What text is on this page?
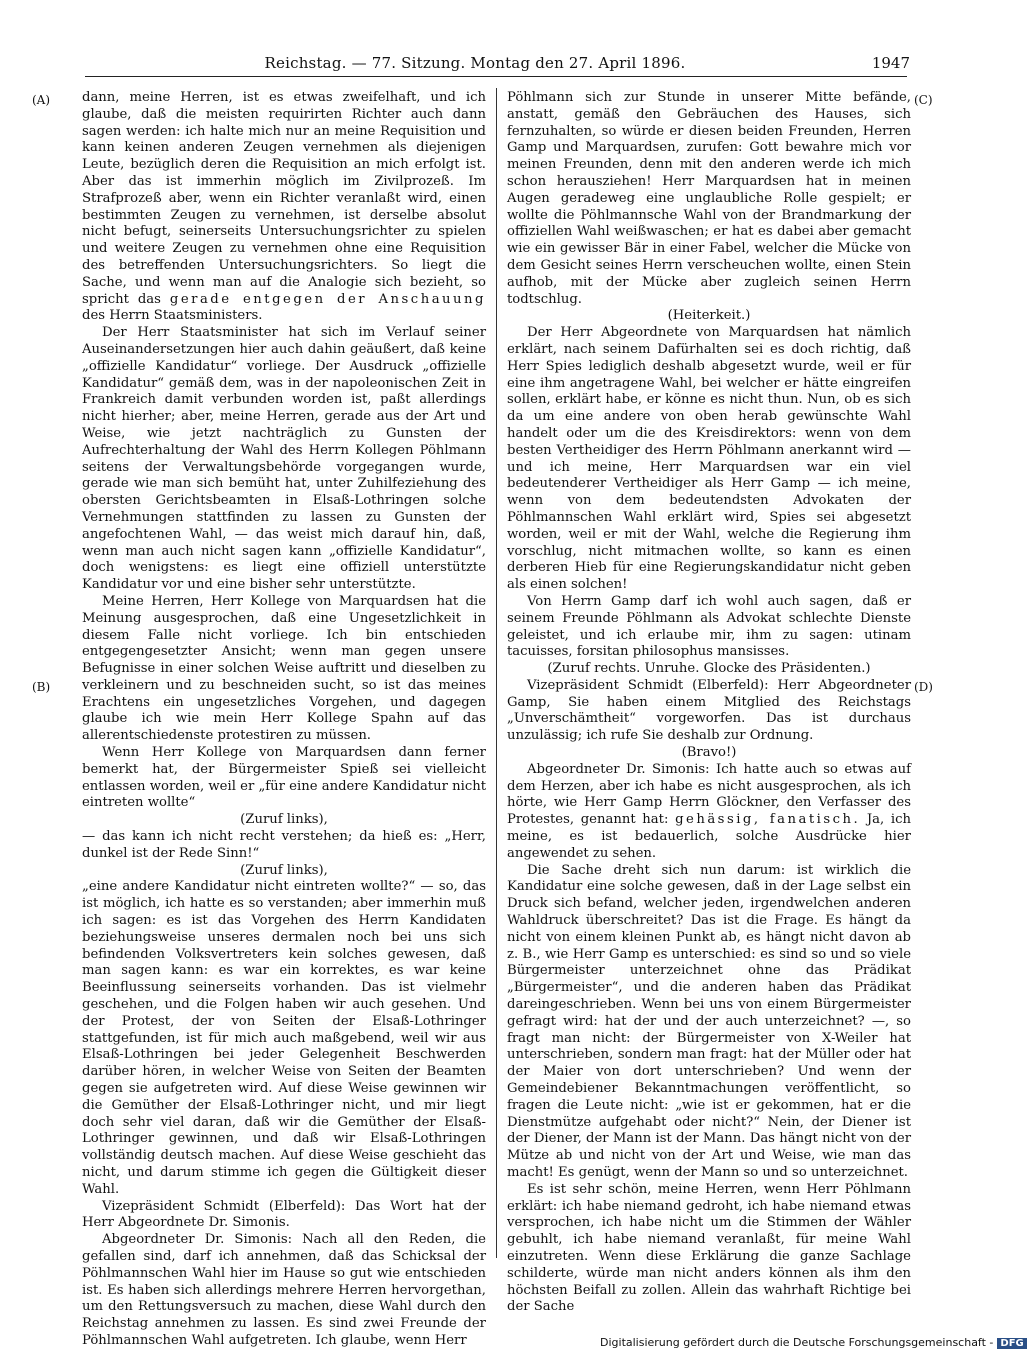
Reichstag. — 77. Sitzung. Montag den 27. April 1896.	1947
(A)
(B)
(C)
(D)

dann, meine Herren, ist es etwas zweifelhaft, und ich glaube, daß die meisten requirirten Richter auch dann sagen werden: ich halte mich nur an meine Requisition und kann keinen anderen Zeugen vernehmen als diejenigen Leute, bezüglich deren die Requisition an mich erfolgt ist. Aber das ist immerhin möglich im Zivilprozeß. Im Strafprozeß aber, wenn ein Richter veranlaßt wird, einen bestimmten Zeugen zu vernehmen, ist derselbe absolut nicht befugt, seinerseits Untersuchungsrichter zu spielen und weitere Zeugen zu vernehmen ohne eine Requisition des betreffenden Untersuchungsrichters. So liegt die Sache, und wenn man auf die Analogie sich bezieht, so spricht das gerade entgegen der Anschauung des Herrn Staatsministers.

Der Herr Staatsminister hat sich im Verlauf seiner Auseinandersetzungen hier auch dahin geäußert, daß keine „offizielle Kandidatur“ vorliege. Der Ausdruck „offizielle Kandidatur“ gemäß dem, was in der napoleonischen Zeit in Frankreich damit verbunden worden ist, paßt allerdings nicht hierher; aber, meine Herren, gerade aus der Art und Weise, wie jetzt nachträglich zu Gunsten der Aufrechterhaltung der Wahl des Herrn Kollegen Pöhlmann seitens der Verwaltungsbehörde vorgegangen wurde, gerade wie man sich bemüht hat, unter Zuhilfeziehung des obersten Gerichtsbeamten in Elsaß-Lothringen solche Vernehmungen stattfinden zu lassen zu Gunsten der angefochtenen Wahl, — das weist mich darauf hin, daß, wenn man auch nicht sagen kann „offizielle Kandidatur“, doch wenigstens: es liegt eine offiziell unterstützte Kandidatur vor und eine bisher sehr unterstützte.

Meine Herren, Herr Kollege von Marquardsen hat die Meinung ausgesprochen, daß eine Ungesetzlichkeit in diesem Falle nicht vorliege. Ich bin entschieden entgegengesetzter Ansicht; wenn man gegen unsere Befugnisse in einer solchen Weise auftritt und dieselben zu verkleinern und zu beschneiden sucht, so ist das meines Erachtens ein ungesetzliches Vorgehen, und dagegen glaube ich wie mein Herr Kollege Spahn auf das allerentschiedenste protestiren zu müssen.

Wenn Herr Kollege von Marquardsen dann ferner bemerkt hat, der Bürgermeister Spieß sei vielleicht entlassen worden, weil er „für eine andere Kandidatur nicht eintreten wollte“

(Zuruf links),

— das kann ich nicht recht verstehen; da hieß es: „Herr, dunkel ist der Rede Sinn!“

(Zuruf links),

„eine andere Kandidatur nicht eintreten wollte?“ — so, das ist möglich, ich hatte es so verstanden; aber immerhin muß ich sagen: es ist das Vorgehen des Herrn Kandidaten beziehungsweise unseres dermalen noch bei uns sich befindenden Volksvertreters kein solches gewesen, daß man sagen kann: es war ein korrektes, es war keine Beeinflussung seinerseits vorhanden. Das ist vielmehr geschehen, und die Folgen haben wir auch gesehen. Und der Protest, der von Seiten der Elsaß-Lothringer stattgefunden, ist für mich auch maßgebend, weil wir aus Elsaß-Lothringen bei jeder Gelegenheit Beschwerden darüber hören, in welcher Weise von Seiten der Beamten gegen sie aufgetreten wird. Auf diese Weise gewinnen wir die Gemüther der Elsaß-Lothringer nicht, und mir liegt doch sehr viel daran, daß wir die Gemüther der Elsaß-Lothringer gewinnen, und daß wir Elsaß-Lothringen vollständig deutsch machen. Auf diese Weise geschieht das nicht, und darum stimme ich gegen die Gültigkeit dieser Wahl.

Vizepräsident Schmidt (Elberfeld): Das Wort hat der Herr Abgeordnete Dr. Simonis.

Abgeordneter Dr. Simonis: Nach all den Reden, die gefallen sind, darf ich annehmen, daß das Schicksal der Pöhlmannschen Wahl hier im Hause so gut wie entschieden ist. Es haben sich allerdings mehrere Herren hervorgethan, um den Rettungsversuch zu machen, diese Wahl durch den Reichstag annehmen zu lassen. Es sind zwei Freunde der Pöhlmannschen Wahl aufgetreten. Ich glaube, wenn Herr

Pöhlmann sich zur Stunde in unserer Mitte befände, anstatt, gemäß den Gebräuchen des Hauses, sich fernzuhalten, so würde er diesen beiden Freunden, Herren Gamp und Marquardsen, zurufen: Gott bewahre mich vor meinen Freunden, denn mit den anderen werde ich mich schon herausziehen! Herr Marquardsen hat in meinen Augen geradeweg eine unglaubliche Rolle gespielt; er wollte die Pöhlmannsche Wahl von der Brandmarkung der offiziellen Wahl weißwaschen; er hat es dabei aber gemacht wie ein gewisser Bär in einer Fabel, welcher die Mücke von dem Gesicht seines Herrn verscheuchen wollte, einen Stein aufhob, mit der Mücke aber zugleich seinen Herrn todtschlug.

(Heiterkeit.)

Der Herr Abgeordnete von Marquardsen hat nämlich erklärt, nach seinem Dafürhalten sei es doch richtig, daß Herr Spies lediglich deshalb abgesetzt wurde, weil er für eine ihm angetragene Wahl, bei welcher er hätte eingreifen sollen, erklärt habe, er könne es nicht thun. Nun, ob es sich da um eine andere von oben herab gewünschte Wahl handelt oder um die des Kreisdirektors: wenn von dem besten Vertheidiger des Herrn Pöhlmann anerkannt wird — und ich meine, Herr Marquardsen war ein viel bedeutenderer Vertheidiger als Herr Gamp — ich meine, wenn von dem bedeutendsten Advokaten der Pöhlmannschen Wahl erklärt wird, Spies sei abgesetzt worden, weil er mit der Wahl, welche die Regierung ihm vorschlug, nicht mitmachen wollte, so kann es einen derberen Hieb für eine Regierungskandidatur nicht geben als einen solchen!

Von Herrn Gamp darf ich wohl auch sagen, daß er seinem Freunde Pöhlmann als Advokat schlechte Dienste geleistet, und ich erlaube mir, ihm zu sagen: utinam tacuisses, forsitan philosophus mansisses.

(Zuruf rechts. Unruhe. Glocke des Präsidenten.)

Vizepräsident Schmidt (Elberfeld): Herr Abgeordneter Gamp, Sie haben einem Mitglied des Reichstags „Unverschämtheit“ vorgeworfen. Das ist durchaus unzulässig; ich rufe Sie deshalb zur Ordnung.

(Bravo!)

Abgeordneter Dr. Simonis: Ich hatte auch so etwas auf dem Herzen, aber ich habe es nicht ausgesprochen, als ich hörte, wie Herr Gamp Herrn Glöckner, den Verfasser des Protestes, genannt hat: gehässig, fanatisch. Ja, ich meine, es ist bedauerlich, solche Ausdrücke hier angewendet zu sehen.

Die Sache dreht sich nun darum: ist wirklich die Kandidatur eine solche gewesen, daß in der Lage selbst ein Druck sich befand, welcher jeden, irgendwelchen anderen Wahldruck überschreitet? Das ist die Frage. Es hängt da nicht von einem kleinen Punkt ab, es hängt nicht davon ab z. B., wie Herr Gamp es unterschied: es sind so und so viele Bürgermeister unterzeichnet ohne das Prädikat „Bürgermeister“, und die anderen haben das Prädikat dareingeschrieben. Wenn bei uns von einem Bürgermeister gefragt wird: hat der und der auch unterzeichnet? —, so fragt man nicht: der Bürgermeister von X-Weiler hat unterschrieben, sondern man fragt: hat der Müller oder hat der Maier von dort unterschrieben? Und wenn der Gemeindebiener Bekanntmachungen veröffentlicht, so fragen die Leute nicht: „wie ist er gekommen, hat er die Dienstmütze aufgehabt oder nicht?“ Nein, der Diener ist der Diener, der Mann ist der Mann. Das hängt nicht von der Mütze ab und nicht von der Art und Weise, wie man das macht! Es genügt, wenn der Mann so und so unterzeichnet.

Es ist sehr schön, meine Herren, wenn Herr Pöhlmann erklärt: ich habe niemand gedroht, ich habe niemand etwas versprochen, ich habe nicht um die Stimmen der Wähler gebuhlt, ich habe niemand veranlaßt, für meine Wahl einzutreten. Wenn diese Erklärung die ganze Sachlage schilderte, würde man nicht anders können als ihm den höchsten Beifall zu zollen. Allein das wahrhaft Richtige bei der Sache

Digitalisierung gefördert durch die Deutsche Forschungsgemeinschaft - DFG
